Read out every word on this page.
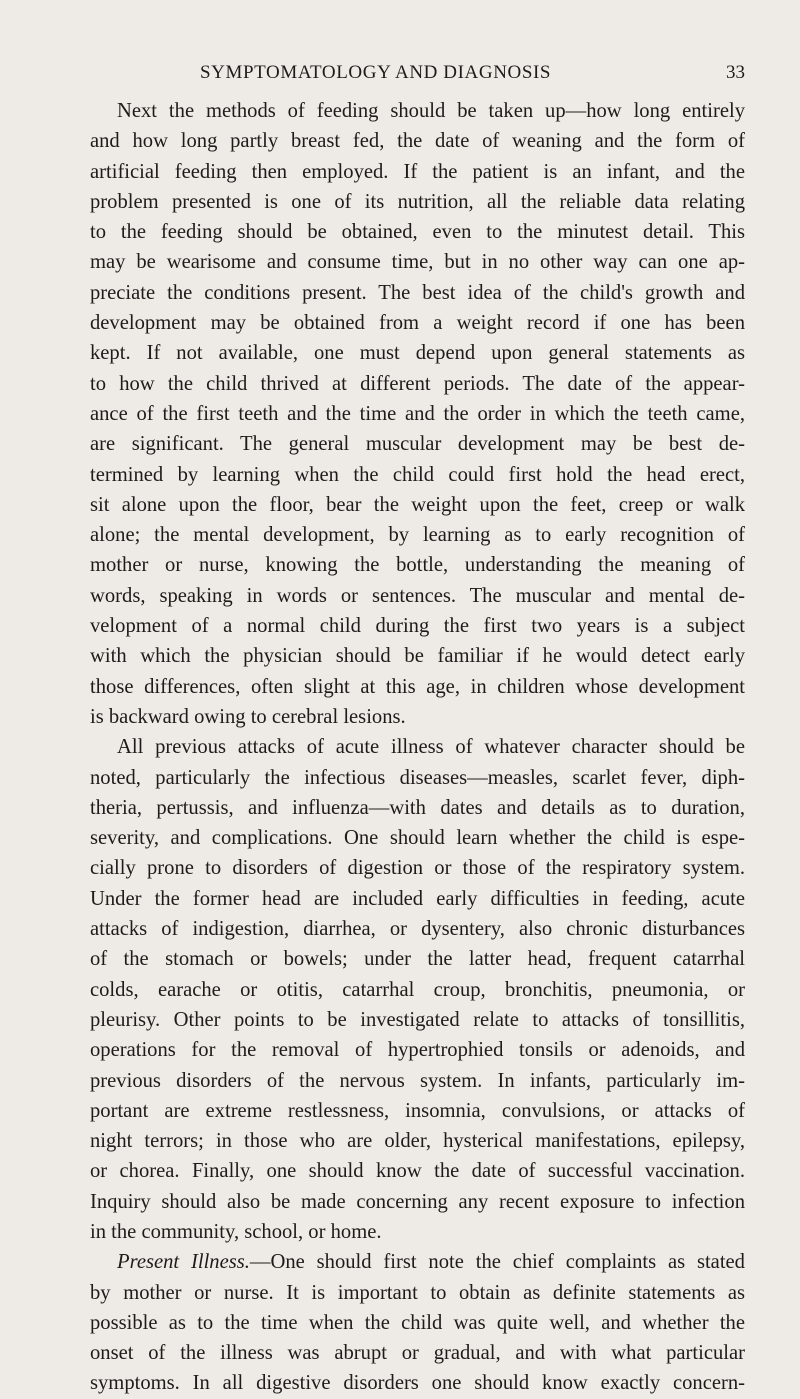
SYMPTOMATOLOGY AND DIAGNOSIS	33
Next the methods of feeding should be taken up—how long entirely
and how long partly breast fed, the date of weaning and the form of
artificial feeding then employed. If the patient is an infant, and the
problem presented is one of its nutrition, all the reliable data relating
to the feeding should be obtained, even to the minutest detail. This
may be wearisome and consume time, but in no other way can one ap-
preciate the conditions present. The best idea of the child's growth and
development may be obtained from a weight record if one has been
kept. If not available, one must depend upon general statements as
to how the child thrived at different periods. The date of the appear-
ance of the first teeth and the time and the order in which the teeth came,
are significant. The general muscular development may be best de-
termined by learning when the child could first hold the head erect,
sit alone upon the floor, bear the weight upon the feet, creep or walk
alone; the mental development, by learning as to early recognition of
mother or nurse, knowing the bottle, understanding the meaning of
words, speaking in words or sentences. The muscular and mental de-
velopment of a normal child during the first two years is a subject
with which the physician should be familiar if he would detect early
those differences, often slight at this age, in children whose development
is backward owing to cerebral lesions.
All previous attacks of acute illness of whatever character should be
noted, particularly the infectious diseases—measles, scarlet fever, diph-
theria, pertussis, and influenza—with dates and details as to duration,
severity, and complications. One should learn whether the child is espe-
cially prone to disorders of digestion or those of the respiratory system.
Under the former head are included early difficulties in feeding, acute
attacks of indigestion, diarrhea, or dysentery, also chronic disturbances
of the stomach or bowels; under the latter head, frequent catarrhal
colds, earache or otitis, catarrhal croup, bronchitis, pneumonia, or
pleurisy. Other points to be investigated relate to attacks of tonsillitis,
operations for the removal of hypertrophied tonsils or adenoids, and
previous disorders of the nervous system. In infants, particularly im-
portant are extreme restlessness, insomnia, convulsions, or attacks of
night terrors; in those who are older, hysterical manifestations, epilepsy,
or chorea. Finally, one should know the date of successful vaccination.
Inquiry should also be made concerning any recent exposure to infection
in the community, school, or home.
Present Illness.—One should first note the chief complaints as stated
by mother or nurse. It is important to obtain as definite statements as
possible as to the time when the child was quite well, and whether the
onset of the illness was abrupt or gradual, and with what particular
symptoms. In all digestive disorders one should know exactly concern-
